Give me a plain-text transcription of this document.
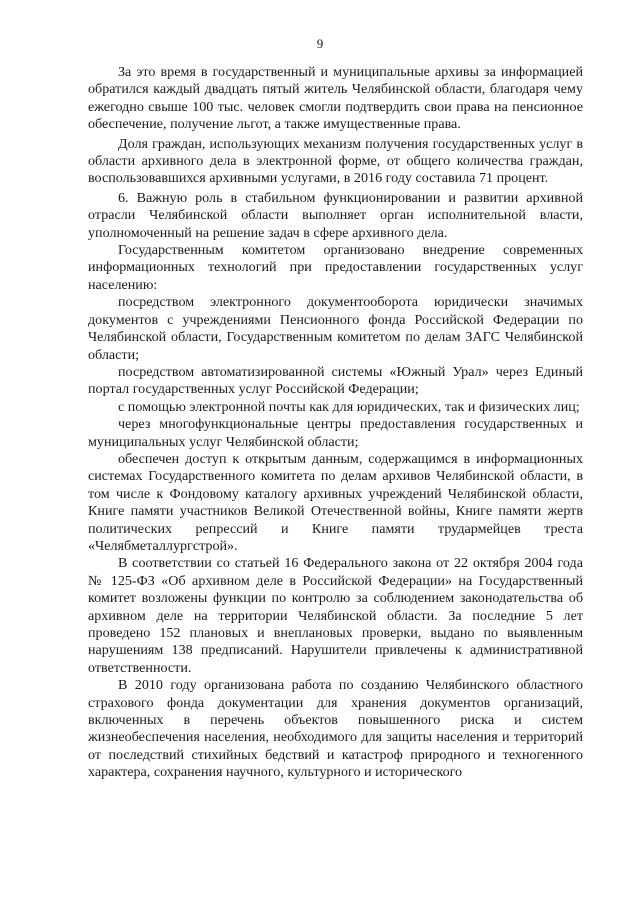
9

За это время в государственный и муниципальные архивы за информацией обратился каждый двадцать пятый житель Челябинской области, благодаря чему ежегодно свыше 100 тыс. человек смогли подтвердить свои права на пенсионное обеспечение, получение льгот, а также имущественные права.

Доля граждан, использующих механизм получения государственных услуг в области архивного дела в электронной форме, от общего количества граждан, воспользовавшихся архивными услугами, в 2016 году составила 71 процент.

6. Важную роль в стабильном функционировании и развитии архивной отрасли Челябинской области выполняет орган исполнительной власти, уполномоченный на решение задач в сфере архивного дела.

Государственным комитетом организовано внедрение современных информационных технологий при предоставлении государственных услуг населению:

посредством электронного документооборота юридически значимых документов с учреждениями Пенсионного фонда Российской Федерации по Челябинской области, Государственным комитетом по делам ЗАГС Челябинской области;

посредством автоматизированной системы «Южный Урал» через Единый портал государственных услуг Российской Федерации;

с помощью электронной почты как для юридических, так и физических лиц;

через многофункциональные центры предоставления государственных и муниципальных услуг Челябинской области;

обеспечен доступ к открытым данным, содержащимся в информационных системах Государственного комитета по делам архивов Челябинской области, в том числе к Фондовому каталогу архивных учреждений Челябинской области, Книге памяти участников Великой Отечественной войны, Книге памяти жертв политических репрессий и Книге памяти трудармейцев треста «Челябметаллургстрой».

В соответствии со статьей 16 Федерального закона от 22 октября 2004 года № 125-ФЗ «Об архивном деле в Российской Федерации» на Государственный комитет возложены функции по контролю за соблюдением законодательства об архивном деле на территории Челябинской области. За последние 5 лет проведено 152 плановых и внеплановых проверки, выдано по выявленным нарушениям 138 предписаний. Нарушители привлечены к административной ответственности.

В 2010 году организована работа по созданию Челябинского областного страхового фонда документации для хранения документов организаций, включенных в перечень объектов повышенного риска и систем жизнеобеспечения населения, необходимого для защиты населения и территорий от последствий стихийных бедствий и катастроф природного и техногенного характера, сохранения научного, культурного и исторического
